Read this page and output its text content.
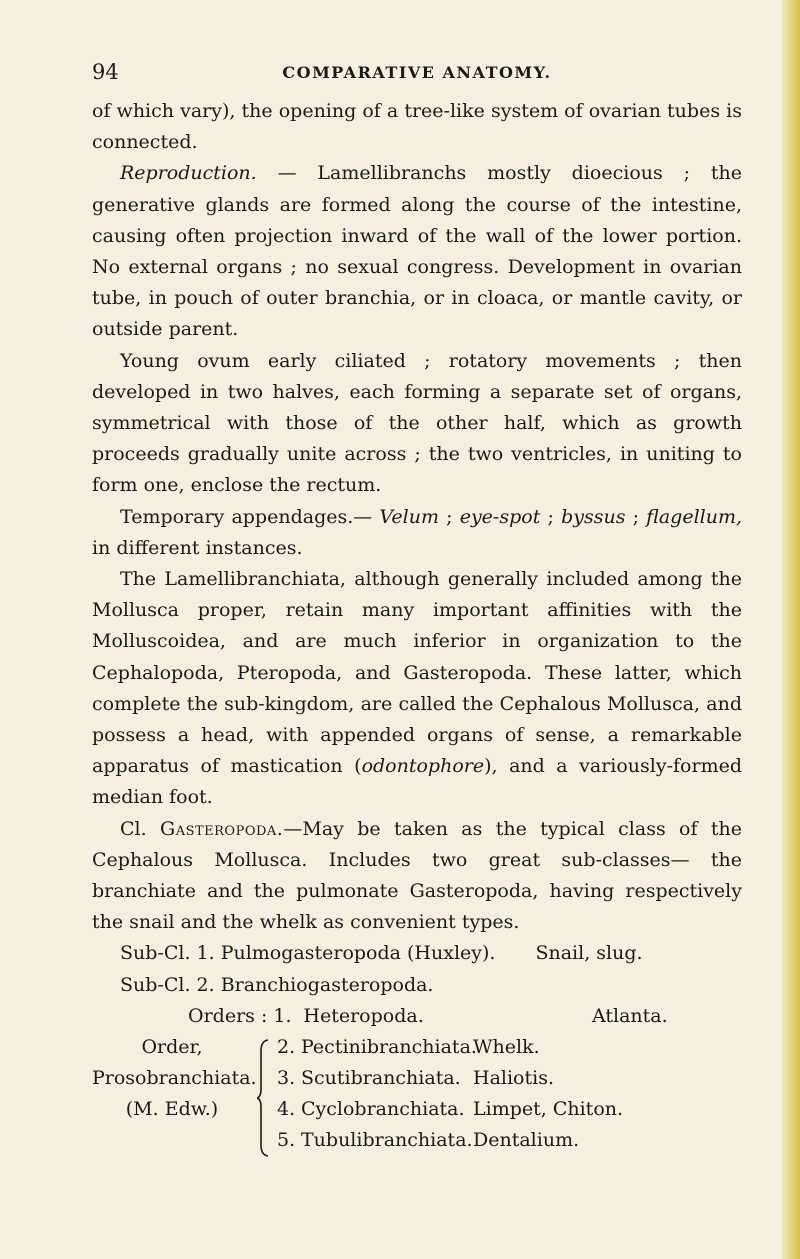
94	COMPARATIVE ANATOMY.

of which vary), the opening of a tree-like system of ovarian tubes is connected.

Reproduction. — Lamellibranchs mostly dioecious ; the generative glands are formed along the course of the intestine, causing often projection inward of the wall of the lower portion. No external organs ; no sexual congress. Development in ovarian tube, in pouch of outer branchia, or in cloaca, or mantle cavity, or outside parent.

Young ovum early ciliated ; rotatory movements ; then developed in two halves, each forming a separate set of organs, symmetrical with those of the other half, which as growth proceeds gradually unite across ; the two ventricles, in uniting to form one, enclose the rectum.

Temporary appendages.— Velum ; eye-spot ; byssus ; flagellum, in different instances.

The Lamellibranchiata, although generally included among the Mollusca proper, retain many important affinities with the Molluscoidea, and are much inferior in organization to the Cephalopoda, Pteropoda, and Gasteropoda. These latter, which complete the sub-kingdom, are called the Cephalous Mollusca, and possess a head, with appended organs of sense, a remarkable apparatus of mastication (odontophore), and a variously-formed median foot.

Cl. Gasteropoda.—May be taken as the typical class of the Cephalous Mollusca. Includes two great sub-classes— the branchiate and the pulmonate Gasteropoda, having respectively the snail and the whelk as convenient types.

Sub-Cl. 1. Pulmogasteropoda (Huxley). Snail, slug.

Sub-Cl. 2. Branchiogasteropoda.

Orders : 1. Heteropoda.	Atlanta.
Order,
Prosobranchiata.
(M. Edw.)
2. Pectinibranchiata.
Whelk.
3. Scutibranchiata. Haliotis.
4. Cyclobranchiata. Limpet, Chiton.
5. Tubulibranchiata. Dentalium.
